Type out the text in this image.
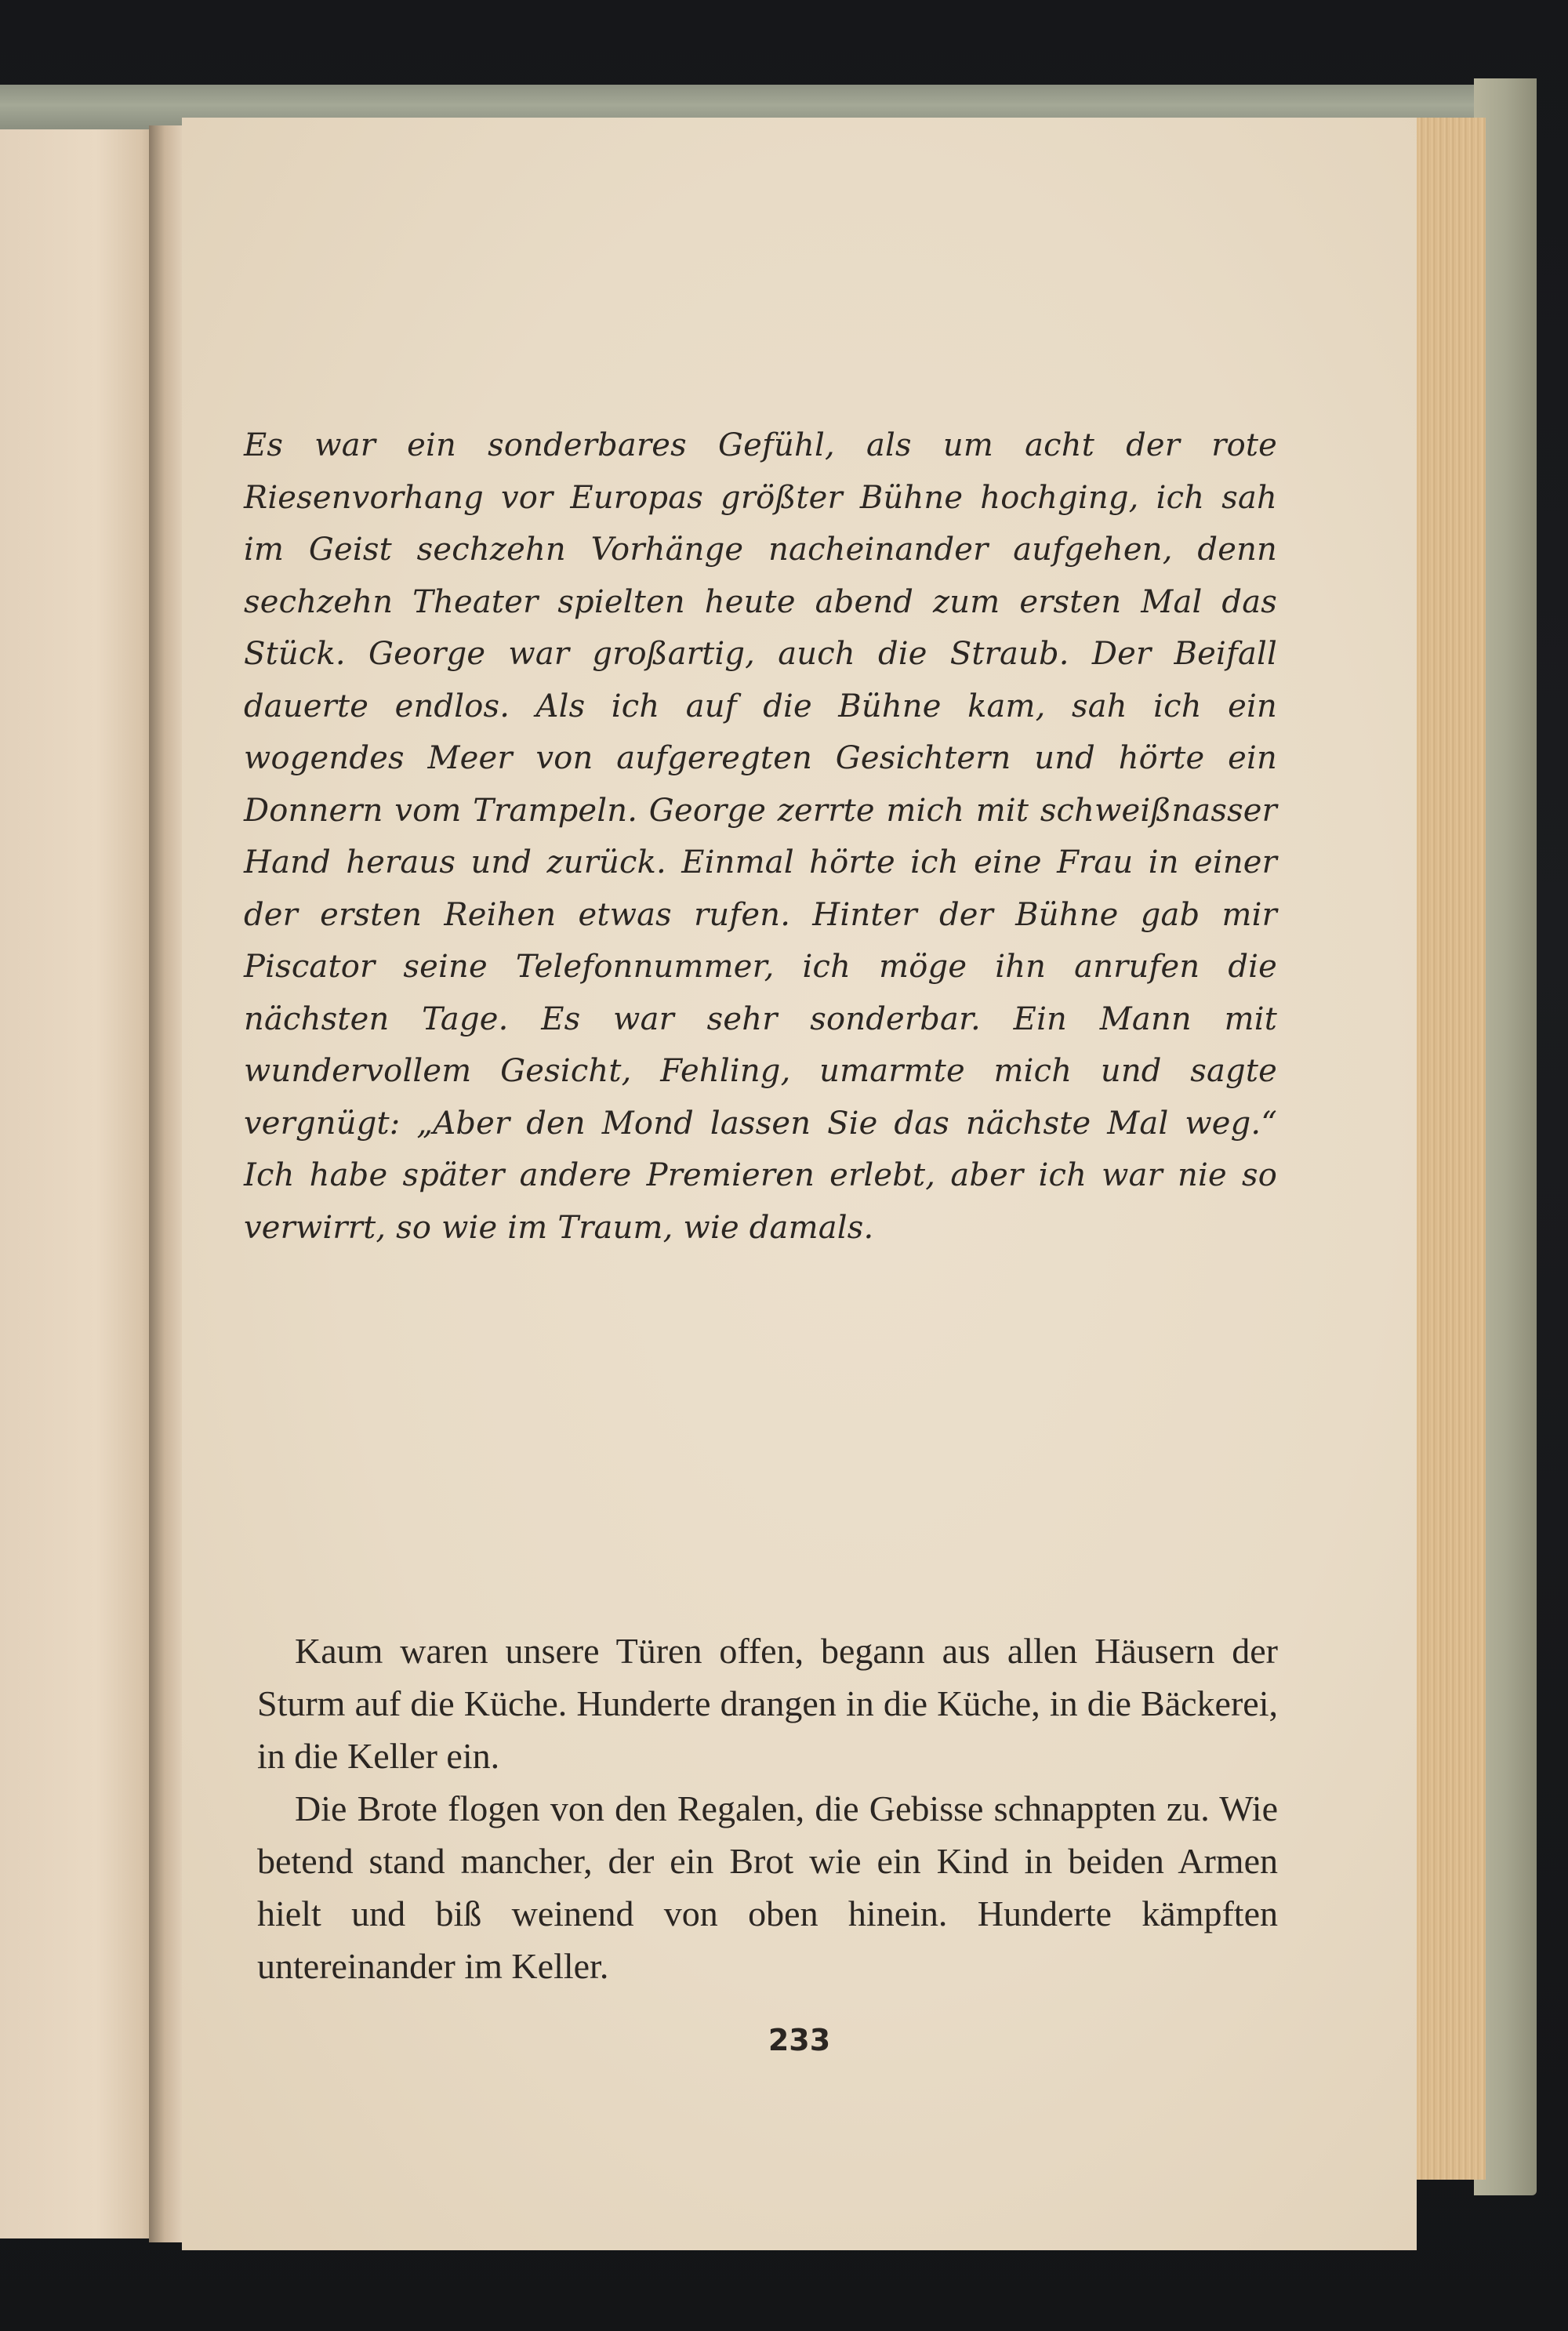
Es war ein sonderbares Gefühl, als um acht der rote Riesenvorhang vor Europas größter Bühne hochging, ich sah im Geist sechzehn Vorhänge nacheinander aufgehen, denn sechzehn Theater spielten heute abend zum ersten Mal das Stück. George war großartig, auch die Straub. Der Beifall dauerte endlos. Als ich auf die Bühne kam, sah ich ein wogendes Meer von aufgeregten Gesichtern und hörte ein Donnern vom Trampeln. George zerrte mich mit schweißnasser Hand heraus und zurück. Einmal hörte ich eine Frau in einer der ersten Reihen etwas rufen. Hinter der Bühne gab mir Piscator seine Telefonnummer, ich möge ihn anrufen die nächsten Tage. Es war sehr sonderbar. Ein Mann mit wundervollem Gesicht, Fehling, umarmte mich und sagte vergnügt: „Aber den Mond lassen Sie das nächste Mal weg.“ Ich habe später andere Premieren erlebt, aber ich war nie so verwirrt, so wie im Traum, wie damals.

Kaum waren unsere Türen offen, begann aus allen Häusern der Sturm auf die Küche. Hunderte drangen in die Küche, in die Bäckerei, in die Keller ein.

Die Brote flogen von den Regalen, die Gebisse schnappten zu. Wie betend stand mancher, der ein Brot wie ein Kind in beiden Armen hielt und biß weinend von oben hinein. Hunderte kämpften untereinander im Keller.

233
